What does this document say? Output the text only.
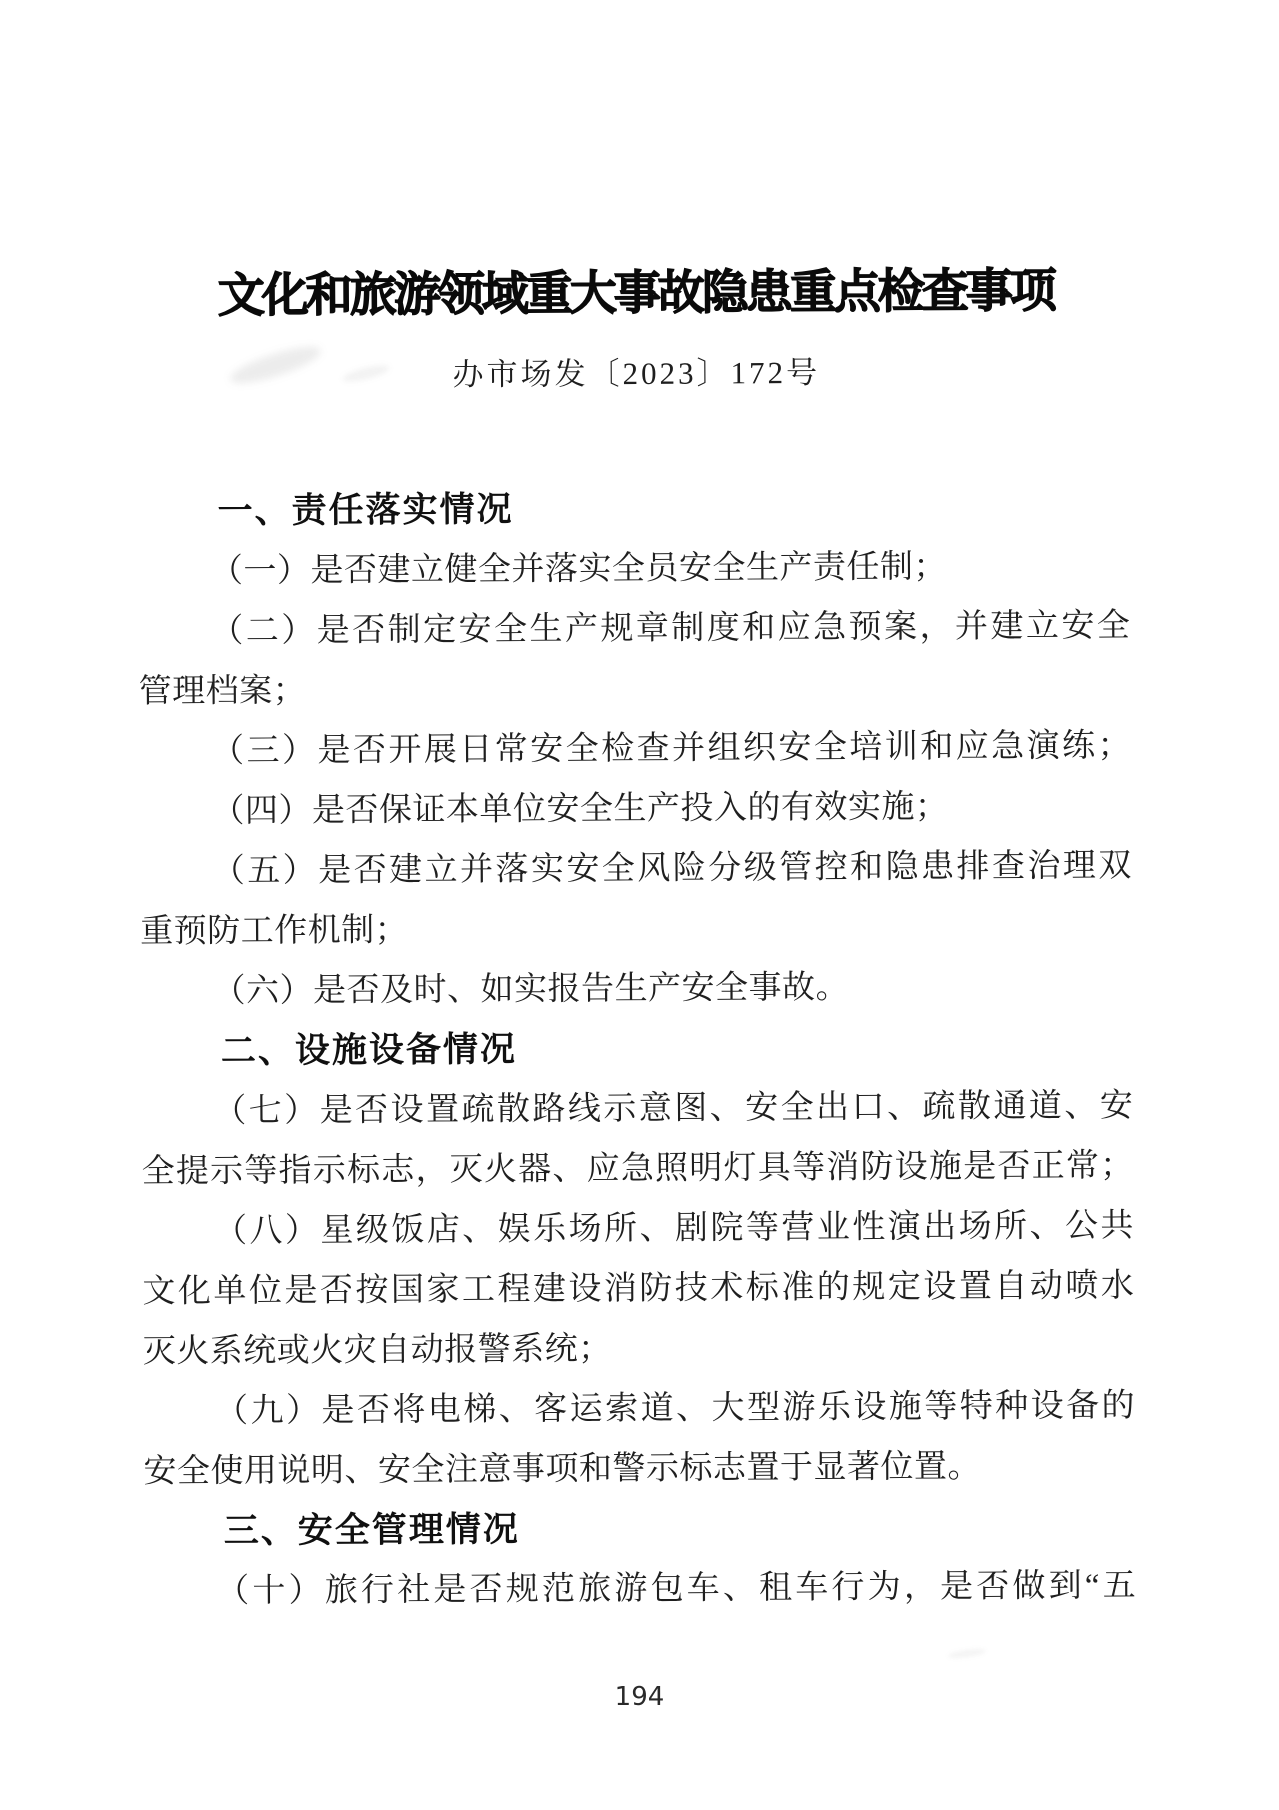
文化和旅游领域重大事故隐患重点检查事项
办市场发〔2023〕172号
一、责任落实情况
（一）是否建立健全并落实全员安全生产责任制；
（二）是否制定安全生产规章制度和应急预案，并建立安全
管理档案；
（三）是否开展日常安全检查并组织安全培训和应急演练；
（四）是否保证本单位安全生产投入的有效实施；
（五）是否建立并落实安全风险分级管控和隐患排查治理双
重预防工作机制；
（六）是否及时、如实报告生产安全事故。
二、设施设备情况
（七）是否设置疏散路线示意图、安全出口、疏散通道、安
全提示等指示标志，灭火器、应急照明灯具等消防设施是否正常；
（八）星级饭店、娱乐场所、剧院等营业性演出场所、公共
文化单位是否按国家工程建设消防技术标准的规定设置自动喷水
灭火系统或火灾自动报警系统；
（九）是否将电梯、客运索道、大型游乐设施等特种设备的
安全使用说明、安全注意事项和警示标志置于显著位置。
三、安全管理情况
（十）旅行社是否规范旅游包车、租车行为，是否做到“五
194
